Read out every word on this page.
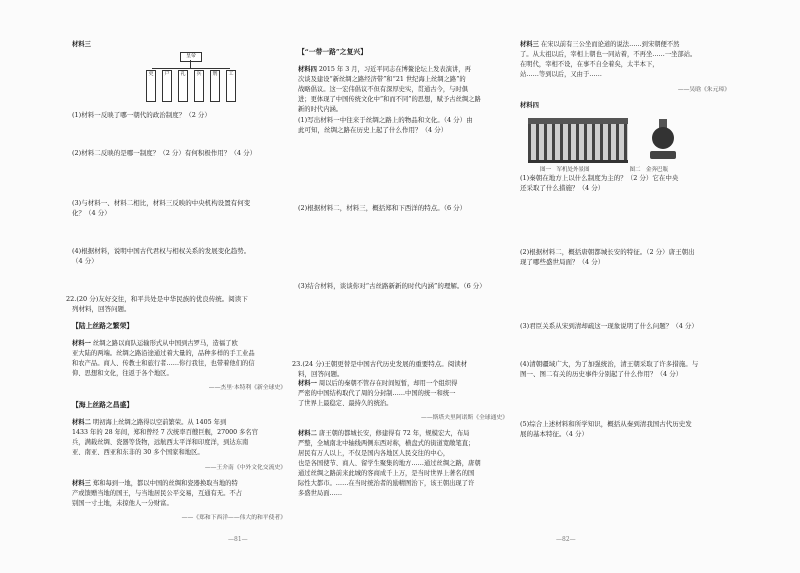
材料三

皇帝
吏	户	礼	兵	刑	工

(1)材料一反映了哪一朝代的政治制度？（2 分）

(2)材料二反映的是哪一制度？（2 分）有何积极作用？（4 分）

(3)与材料一、材料二相比，材料三反映的中央机构设置有何变

化？（4 分）

(4)根据材料，说明中国古代君权与相权关系的发展变化趋势。

（4 分）

22.(20 分)友好交往，和平共处是中华民族的优良传统。阅读下

列材料，回答问题。

【陆上丝路之繁荣】

材料一 丝绸之路以商队运输形式从中国到古罗马，造福了欧

亚大陆的两端。丝绸之路沿途通过着大量的，品种多样的手工业品

和农产品。商人、传教士和旅行者……你行我往，也带着他们的信

仰、思想和文化，往返于各个地区。

——杰里·本特利《新全球史》

【海上丝路之昌盛】

材料二 明初海上丝绸之路得以空前繁荣。从 1405 年到

1433 年的 28 年间，郑和曾经 7 次统率百艘巨舰，27000 多名官

兵，满载丝绸、瓷器等货物，远航西太平洋和印度洋，到达东南

亚、南亚、西亚和东非的 30 多个国家和地区。

——王介南《中外文化交流史》

材料三 郑和每到一地，都以中国的丝绸和瓷器换取当地的特

产或馈赠当地的国王，与当地居民公平交易，互通有无。不占

别国一寸土地，未掠他人一分财富。

——《郑和下西洋——伟大的和平使者》

—81—

【“一带一路”之复兴】

材料四 2015 年 3 月，习近平同志在博鳌论坛上发表演讲，再

次谈及建设“新丝绸之路经济带”和“21 世纪海上丝绸之路”的

战略倡议。这一宏伟倡议不但有深厚史实，贯通古今，与时俱

进；更体现了中国传统文化中“和而不同”的思想，赋予古丝绸之路

新的时代内涵。

(1)写出材料一中往来于丝绸之路上的物品和文化。（4 分）由

此可知，丝绸之路在历史上起了什么作用？（4 分）

(2)根据材料二，材料三，概括郑和下西洋的特点。（6 分）

(3)结合材料，谈谈你对“古丝路新新的时代内涵”的理解。（6 分）

23.(24 分)王朝更替是中国古代历史发展的重要特点。阅读材

料，回答问题。

材料一 周以后的秦朝不管存在时间短暂，却用一个组织得

严密的中国结构取代了周的分封制……中国的统一和统一

了世界上最稳定、最持久的统治。

——斯塔夫里阿诺斯《全球通史》

材料二 唐王朝的都城长安，修建得有 72 年，规模宏大，布局

严整，全城南北中轴线两侧东西对称，横盘式的街道宽敞笔直；

居民有万人以上，不仅是国内各地区人民交往的中心，

也是各国使节、商人、留学生聚集的地方……通过丝绸之路，唐朝

通过丝绸之路前来此城的客商成千上万，是当时世界上著名的国

际性大都市。……在当时统治者的励精图治下，该王朝出现了许

多盛世局面……

材料三 在宋以前有三公坐而论道的说法……到宋朝便不然

了。从太祖以后，宰相上朝也一同站着，不再坐……一坐部站。

在明代，宰相不设，在事不自全着矣，太半本下，

站……等到以后，又由于……

——吴晗《朱元璋》

材料四

图一　军机处外景图	图二　金奔巴瓶

(1)秦朝在地方上以什么制度为主的？（2 分）它在中央

还采取了什么措施？（4 分）

(2)根据材料二，概括唐朝都城长安的特征。（2 分）唐王朝出

现了哪些盛世局面？（4 分）

(3)君臣关系从宋到清却疏这一现象说明了什么问题？（4 分）

(4)清朝疆域广大，为了加强统治，清王朝采取了许多措施。与

图一、图二有关的历史事件分别起了什么作用？（4 分）

(5)综合上述材料和所学知识，概括从秦到清我国古代历史发

展的基本特征。（4 分）

—82—
